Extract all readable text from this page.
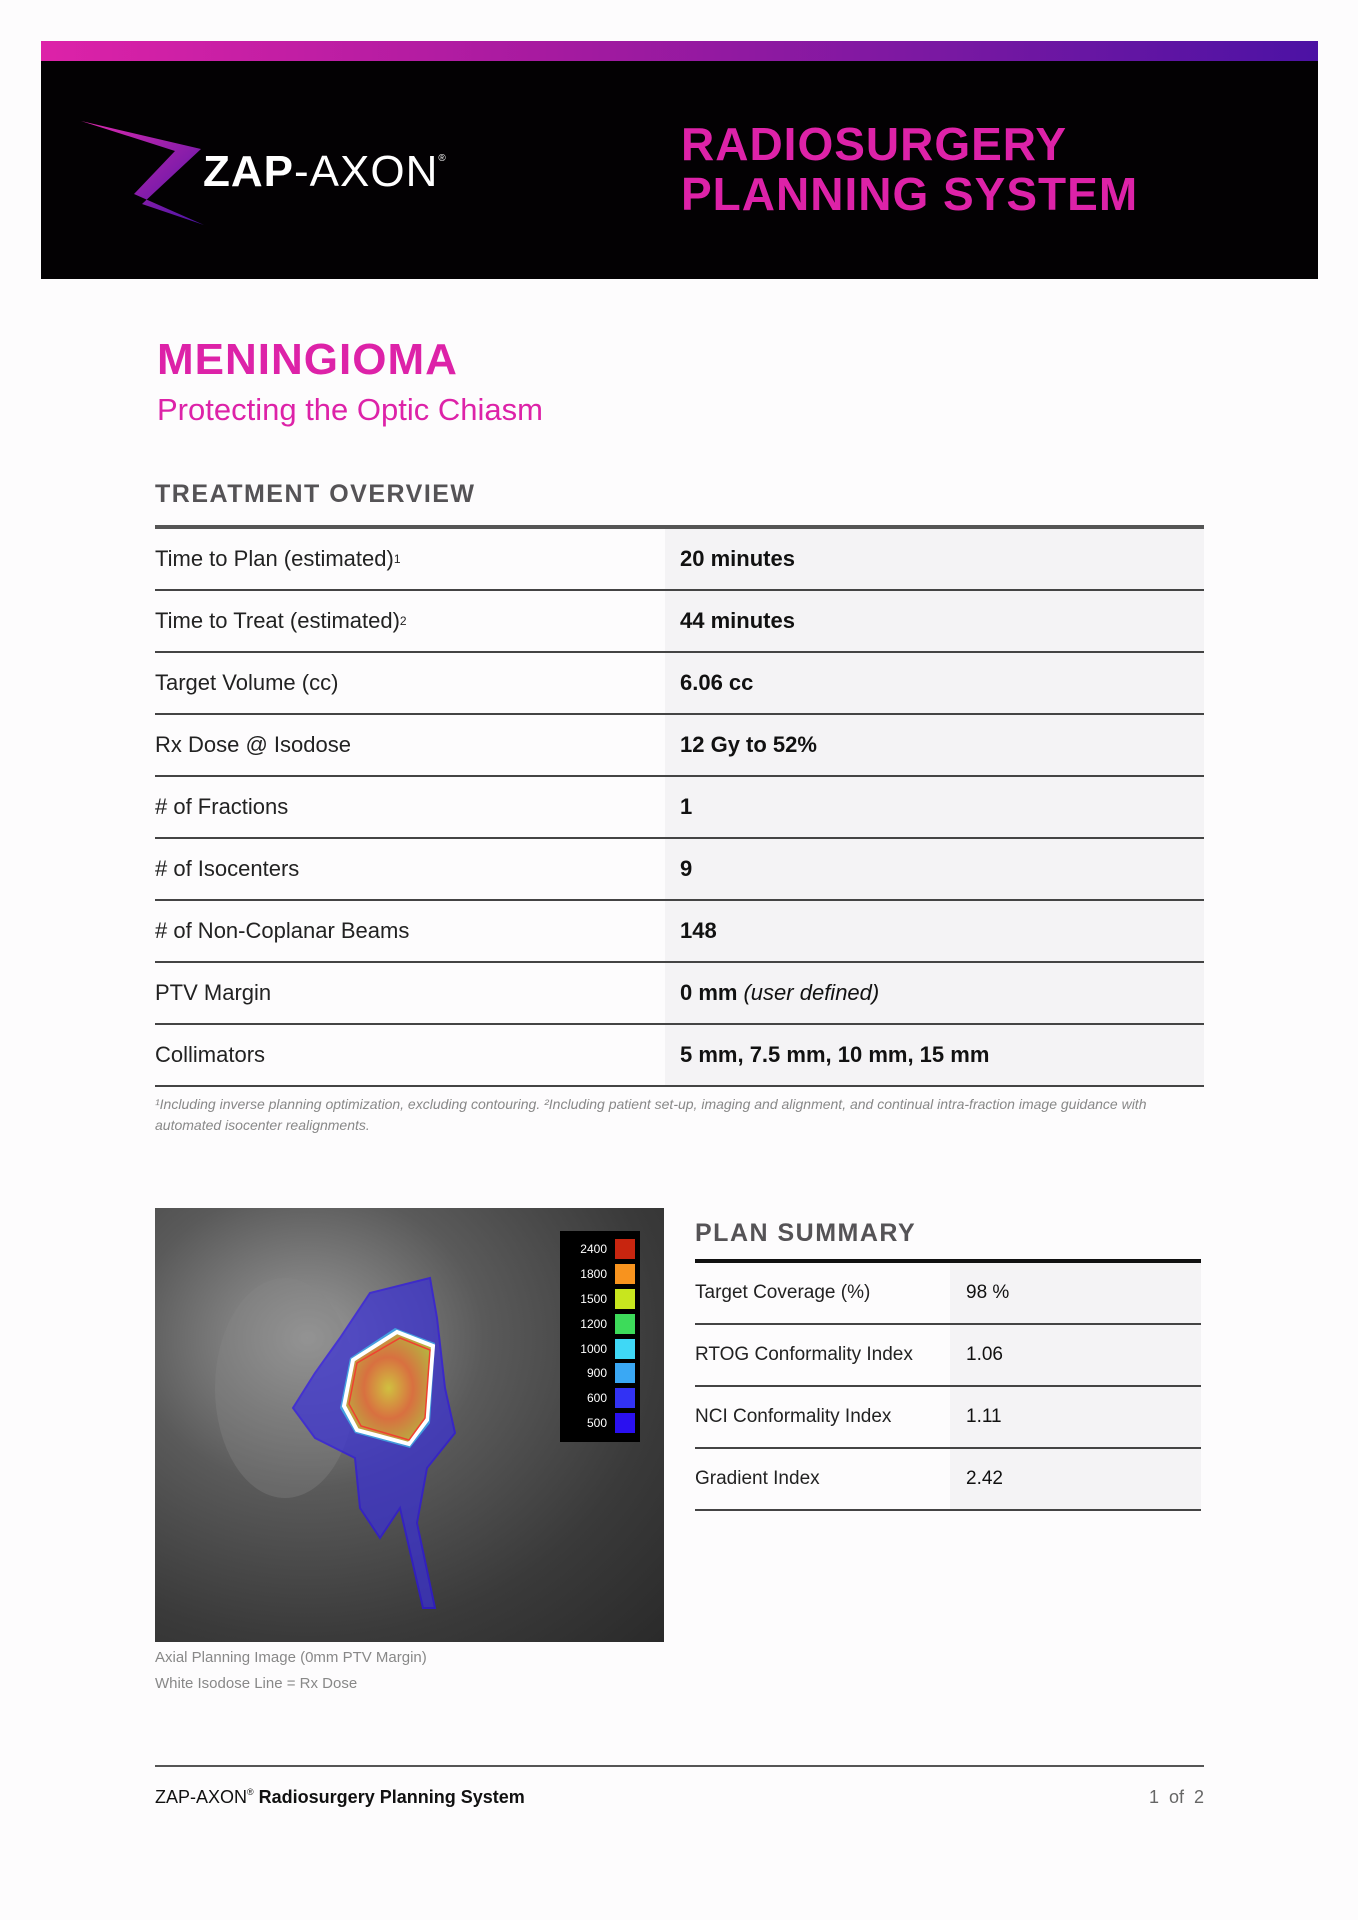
ZAP-AXON®	RADIOSURGERY
PLANNING SYSTEM
MENINGIOMA
Protecting the Optic Chiasm
TREATMENT OVERVIEW
Time to Plan (estimated) 1	20 minutes
Time to Treat (estimated) 2	44 minutes
Target Volume (cc)	6.06 cc
Rx Dose @ Isodose	12 Gy to 52%
# of Fractions	1
# of Isocenters	9
# of Non-Coplanar Beams	148
PTV Margin	0 mm (user defined)
Collimators	5 mm, 7.5 mm, 10 mm, 15 mm
¹Including inverse planning optimization, excluding contouring. ²Including patient set-up, imaging and alignment, and continual intra-fraction image guidance with automated isocenter realignments.
2400
1800
1500
1200
1000
900
600
500
Axial Planning Image (0mm PTV Margin)
White Isodose Line = Rx Dose
PLAN SUMMARY
Target Coverage (%)	98 %
RTOG Conformality Index	1.06
NCI Conformality Index	1.11
Gradient Index	2.42
ZAP-AXON® Radiosurgery Planning System	1  of  2
